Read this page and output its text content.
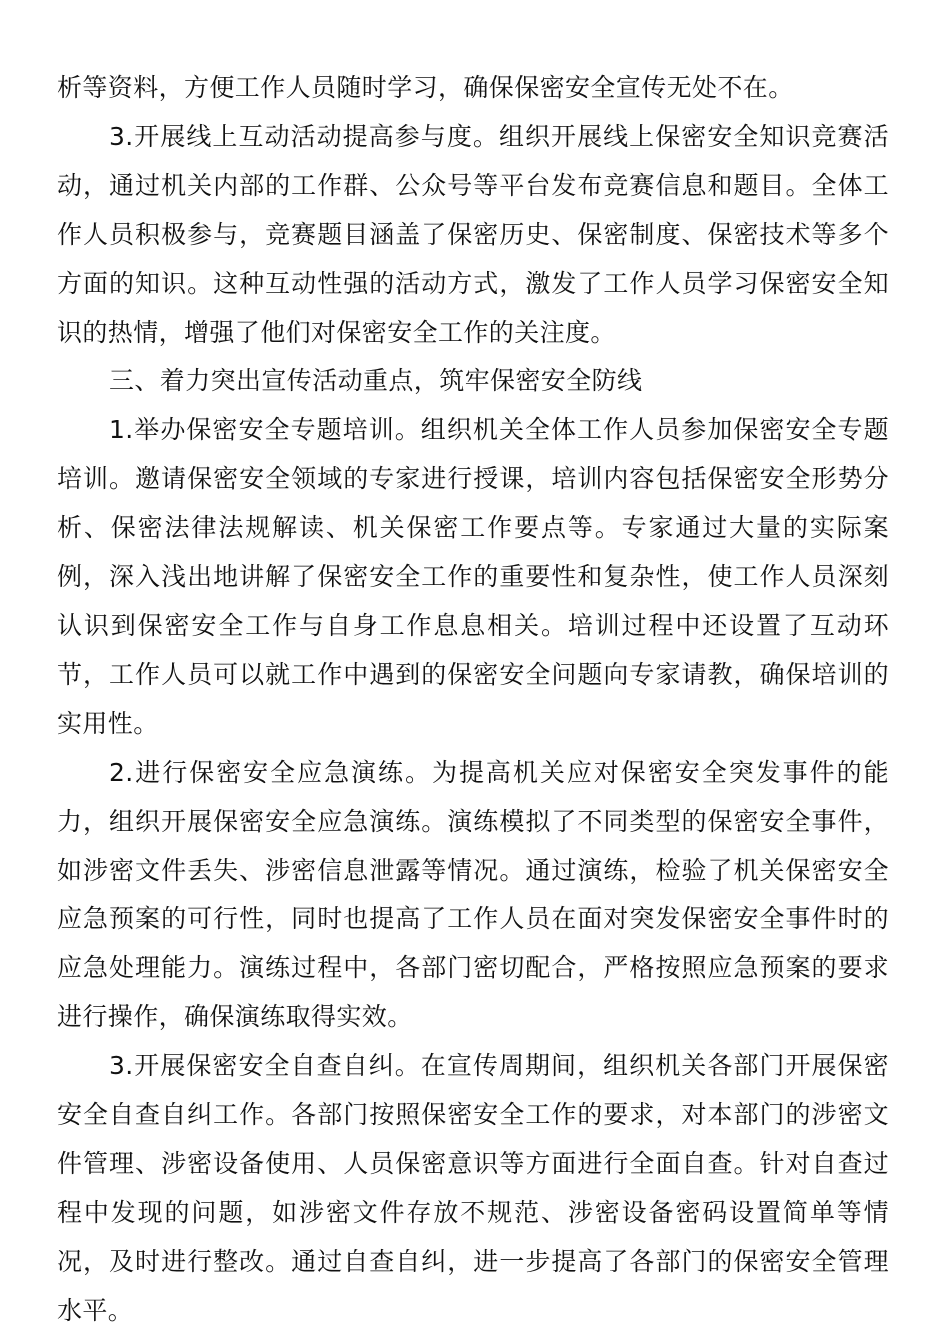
析等资料，方便工作人员随时学习，确保保密安全宣传无处不在。

3.开展线上互动活动提高参与度。组织开展线上保密安全知识竞赛活动，通过机关内部的工作群、公众号等平台发布竞赛信息和题目。全体工作人员积极参与，竞赛题目涵盖了保密历史、保密制度、保密技术等多个方面的知识。这种互动性强的活动方式，激发了工作人员学习保密安全知识的热情，增强了他们对保密安全工作的关注度。

三、着力突出宣传活动重点，筑牢保密安全防线

1.举办保密安全专题培训。组织机关全体工作人员参加保密安全专题培训。邀请保密安全领域的专家进行授课，培训内容包括保密安全形势分析、保密法律法规解读、机关保密工作要点等。专家通过大量的实际案例，深入浅出地讲解了保密安全工作的重要性和复杂性，使工作人员深刻认识到保密安全工作与自身工作息息相关。培训过程中还设置了互动环节，工作人员可以就工作中遇到的保密安全问题向专家请教，确保培训的实用性。

2.进行保密安全应急演练。为提高机关应对保密安全突发事件的能力，组织开展保密安全应急演练。演练模拟了不同类型的保密安全事件，如涉密文件丢失、涉密信息泄露等情况。通过演练，检验了机关保密安全应急预案的可行性，同时也提高了工作人员在面对突发保密安全事件时的应急处理能力。演练过程中，各部门密切配合，严格按照应急预案的要求进行操作，确保演练取得实效。

3.开展保密安全自查自纠。在宣传周期间，组织机关各部门开展保密安全自查自纠工作。各部门按照保密安全工作的要求，对本部门的涉密文件管理、涉密设备使用、人员保密意识等方面进行全面自查。针对自查过程中发现的问题，如涉密文件存放不规范、涉密设备密码设置简单等情况，及时进行整改。通过自查自纠，进一步提高了各部门的保密安全管理水平。
